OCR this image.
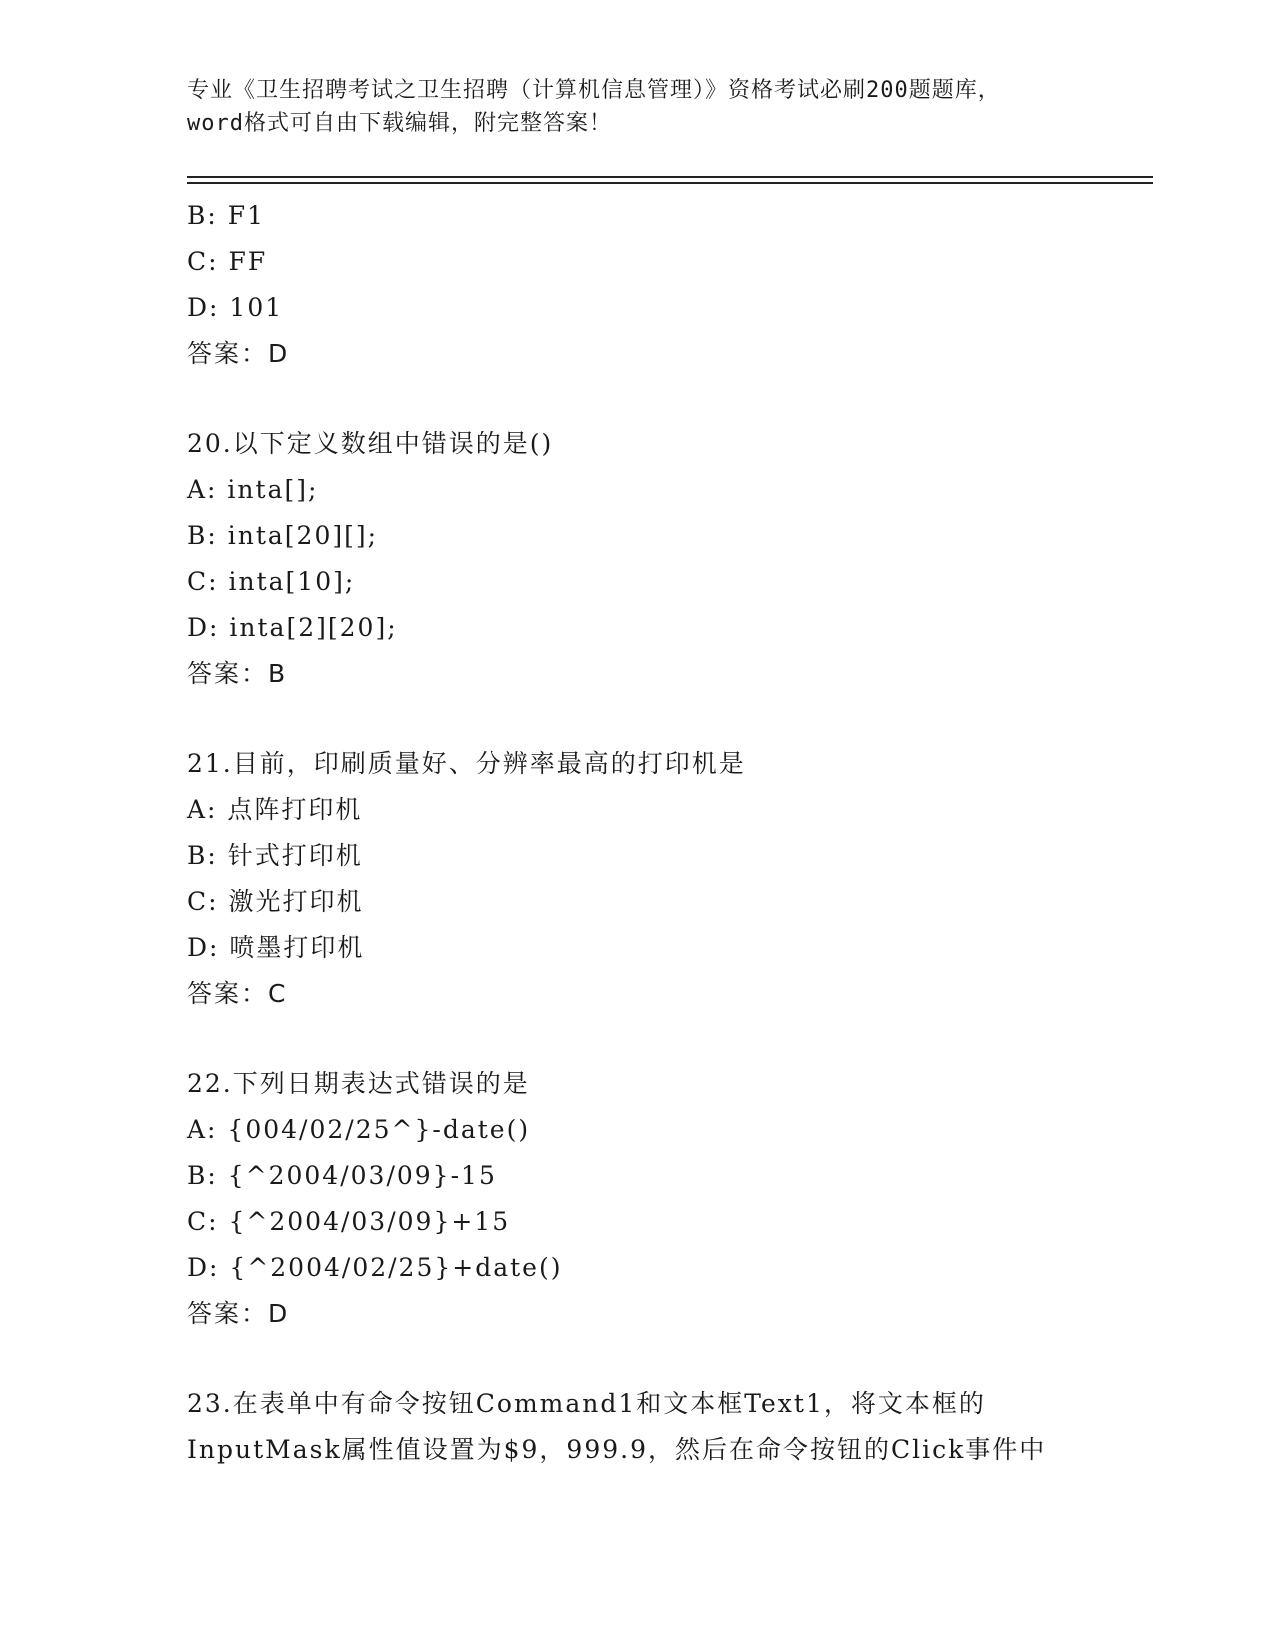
专业《卫生招聘考试之卫生招聘（计算机信息管理）》资格考试必刷200题题库，
word格式可自由下载编辑，附完整答案！
B: F1
C: FF
D: 101
答案：D
20.以下定义数组中错误的是()
A: inta[];
B: inta[20][];
C: inta[10];
D: inta[2][20];
答案：B
21.目前，印刷质量好、分辨率最高的打印机是
A: 点阵打印机
B: 针式打印机
C: 激光打印机
D: 喷墨打印机
答案：C
22.下列日期表达式错误的是
A: {004/02/25^}-date()
B: {^2004/03/09}-15
C: {^2004/03/09}+15
D: {^2004/02/25}+date()
答案：D
23.在表单中有命令按钮Command1和文本框Text1，将文本框的
InputMask属性值设置为$9，999.9，然后在命令按钮的Click事件中
